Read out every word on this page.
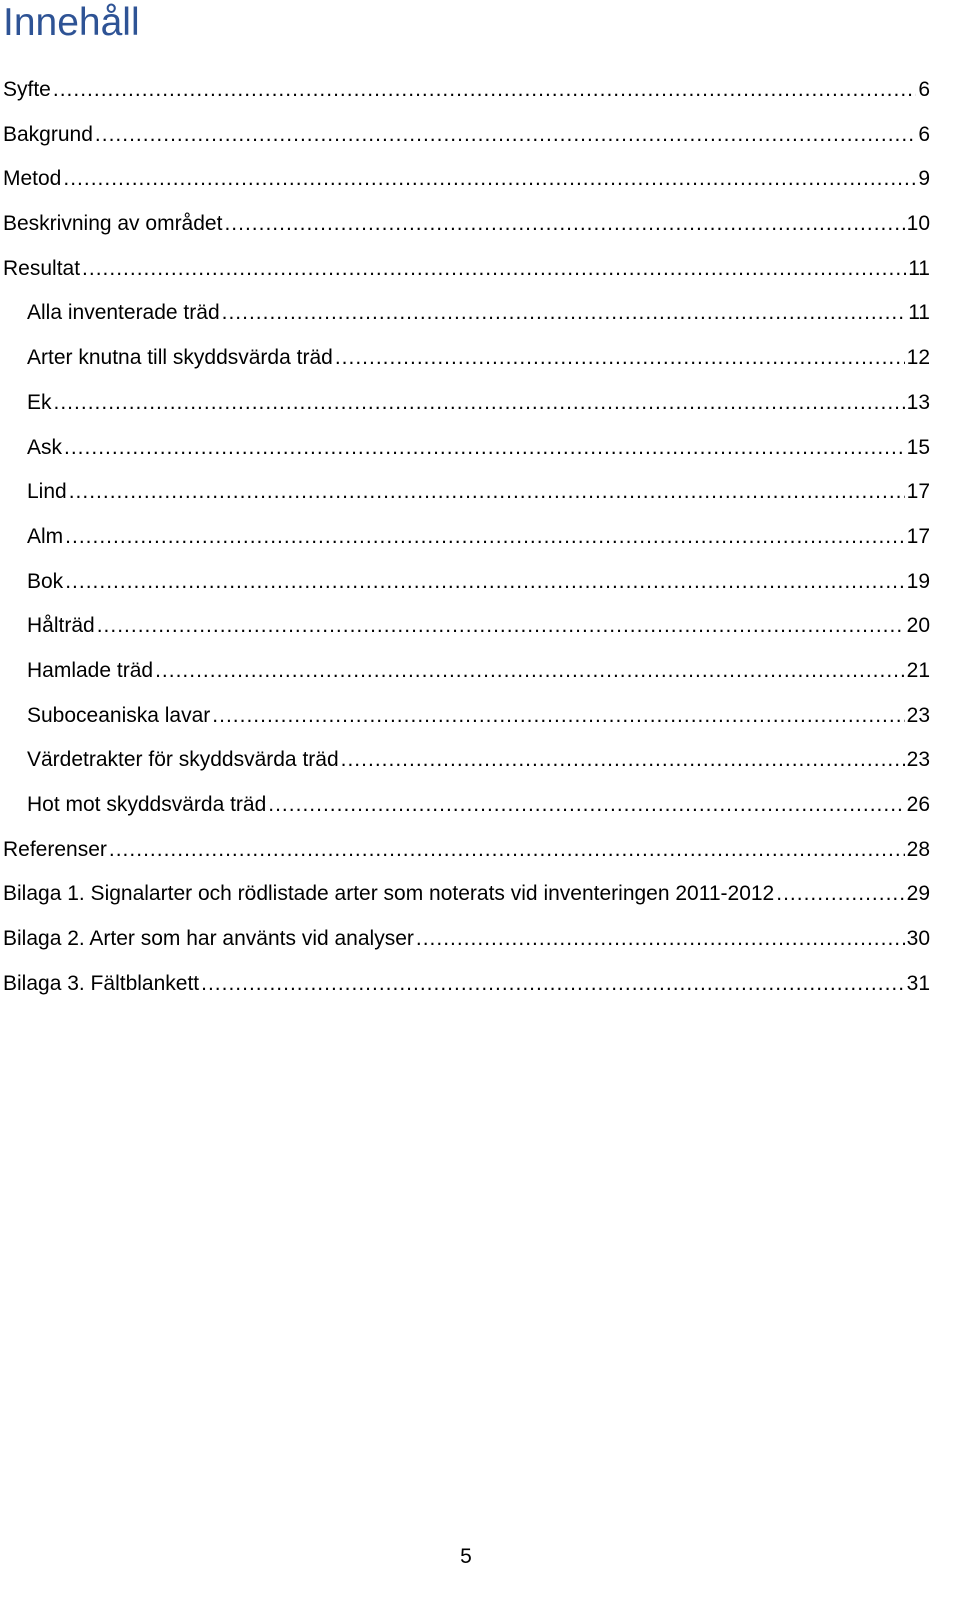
Innehåll
Syfte .....	6
Bakgrund .....	6
Metod .....	9
Beskrivning av området .....	10
Resultat .....	11
Alla inventerade träd .....	11
Arter knutna till skyddsvärda träd .....	12
Ek .....	13
Ask .....	15
Lind .....	17
Alm .....	17
Bok .....	19
Hålträd .....	20
Hamlade träd .....	21
Suboceaniska lavar .....	23
Värdetrakter för skyddsvärda träd .....	23
Hot mot skyddsvärda träd .....	26
Referenser .....	28
Bilaga 1. Signalarter och rödlistade arter som noterats vid inventeringen 2011-2012 .....	29
Bilaga 2. Arter som har använts vid analyser .....	30
Bilaga 3. Fältblankett .....	31
5
